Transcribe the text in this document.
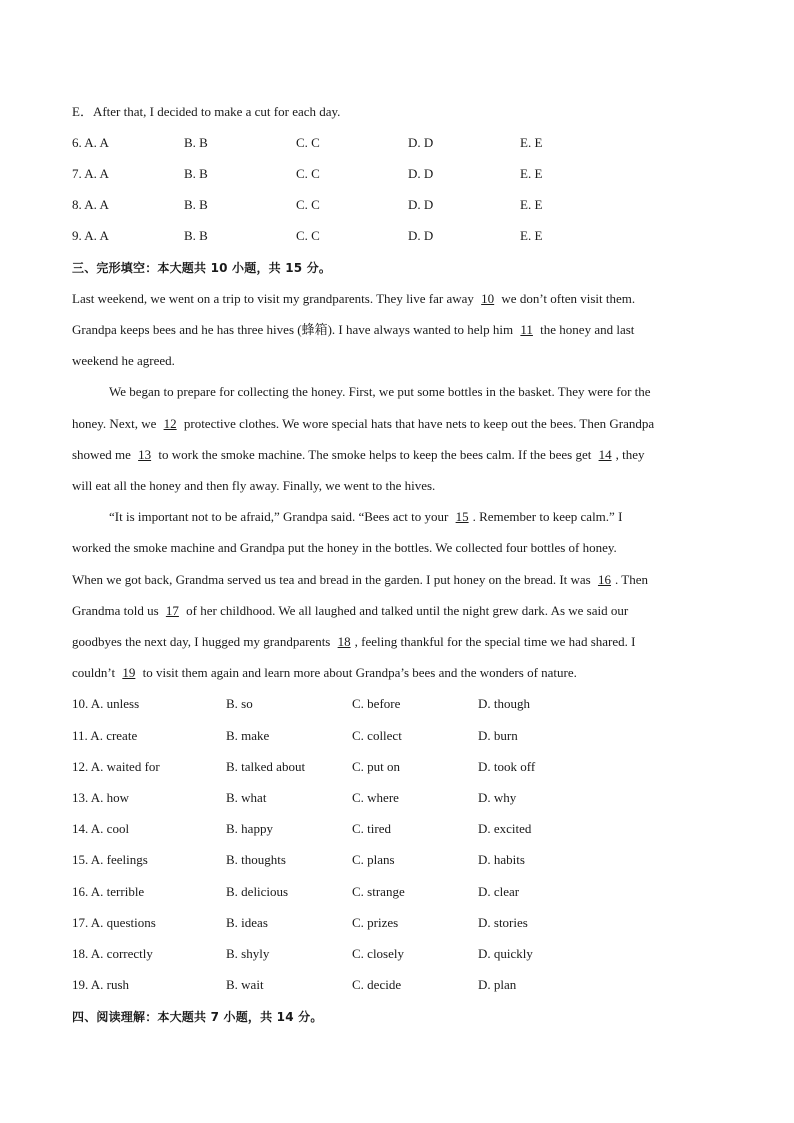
E．After that, I decided to make a cut for each day.
6. A. A	B. B	C. C	D. D	E. E
7. A. A	B. B	C. C	D. D	E. E
8. A. A	B. B	C. C	D. D	E. E
9. A. A	B. B	C. C	D. D	E. E
三、完形填空：本大题共 10 小题，共 15 分。
Last weekend, we went on a trip to visit my grandparents. They live far away 10 we don’t often visit them.
Grandpa keeps bees and he has three hives (蜂箱). I have always wanted to help him 11 the honey and last
weekend he agreed.
We began to prepare for collecting the honey. First, we put some bottles in the basket. They were for the
honey. Next, we 12 protective clothes. We wore special hats that have nets to keep out the bees. Then Grandpa
showed me 13 to work the smoke machine. The smoke helps to keep the bees calm. If the bees get 14 , they
will eat all the honey and then fly away. Finally, we went to the hives.
“It is important not to be afraid,” Grandpa said. “Bees act to your 15 . Remember to keep calm.” I
worked the smoke machine and Grandpa put the honey in the bottles. We collected four bottles of honey.
When we got back, Grandma served us tea and bread in the garden. I put honey on the bread. It was 16 . Then
Grandma told us 17 of her childhood. We all laughed and talked until the night grew dark. As we said our
goodbyes the next day, I hugged my grandparents 18 , feeling thankful for the special time we had shared. I
couldn’t 19 to visit them again and learn more about Grandpa’s bees and the wonders of nature.
10. A. unless	B. so	C. before	D. though
11. A. create	B. make	C. collect	D. burn
12. A. waited for	B. talked about	C. put on	D. took off
13. A. how	B. what	C. where	D. why
14. A. cool	B. happy	C. tired	D. excited
15. A. feelings	B. thoughts	C. plans	D. habits
16. A. terrible	B. delicious	C. strange	D. clear
17. A. questions	B. ideas	C. prizes	D. stories
18. A. correctly	B. shyly	C. closely	D. quickly
19. A. rush	B. wait	C. decide	D. plan
四、阅读理解：本大题共 7 小题，共 14 分。
